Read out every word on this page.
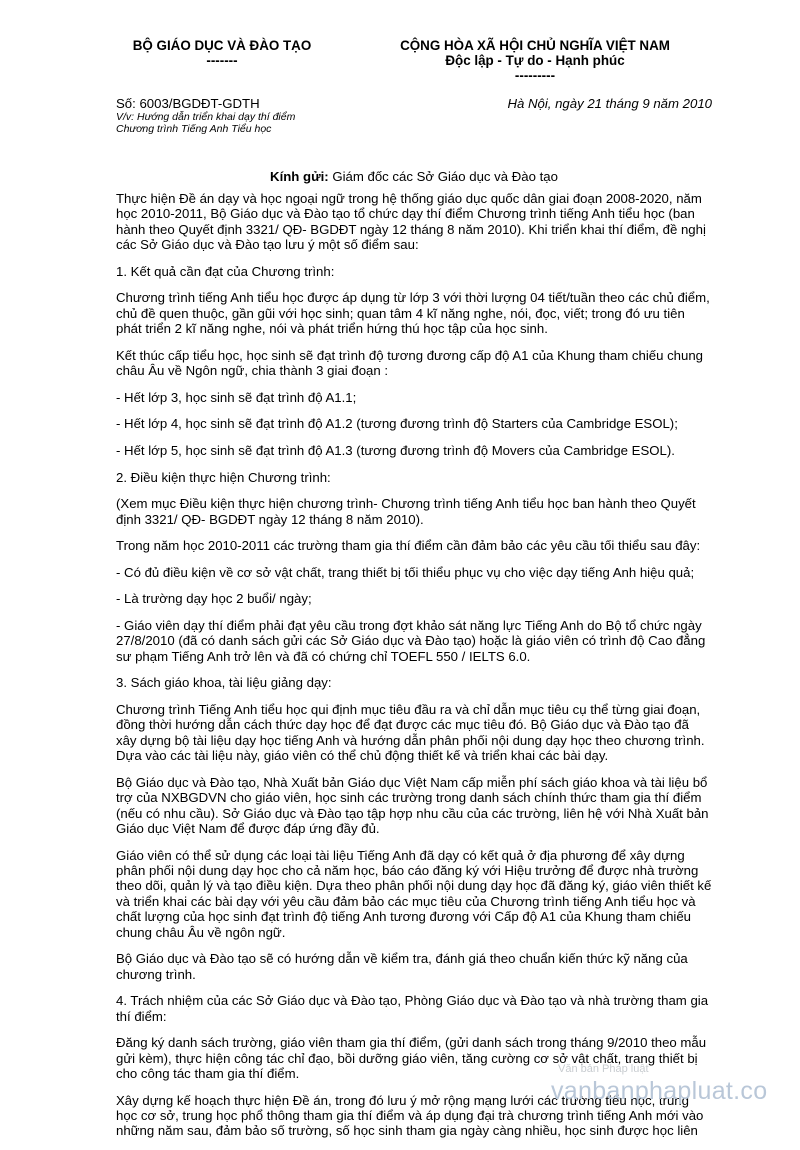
BỘ GIÁO DỤC VÀ ĐÀO TẠO
-------
CỘNG HÒA XÃ HỘI CHỦ NGHĨA VIỆT NAM
Độc lập - Tự do - Hạnh phúc
---------
Số: 6003/BGDĐT-GDTH
V/v: Hướng dẫn triển khai dạy thí điểm
Chương trình Tiếng Anh Tiểu học
Hà Nội, ngày 21 tháng 9 năm 2010
Kính gửi: Giám đốc các Sở Giáo dục và Đào tạo

Thực hiện Đề án dạy và học ngoại ngữ trong hệ thống giáo dục quốc dân giai đoạn 2008-2020, năm học 2010-2011, Bộ Giáo dục và Đào tạo tổ chức dạy thí điểm Chương trình tiếng Anh tiểu học (ban hành theo Quyết định 3321/ QĐ- BGDĐT ngày 12 tháng 8 năm 2010). Khi triển khai thí điểm, đề nghị các Sở Giáo dục và Đào tạo lưu ý một số điểm sau:

1. Kết quả cần đạt của Chương trình:

Chương trình tiếng Anh tiểu học được áp dụng từ lớp 3 với thời lượng 04 tiết/tuần theo các chủ điểm, chủ đề quen thuộc, gần gũi với học sinh; quan tâm 4 kĩ năng nghe, nói, đọc, viết; trong đó ưu tiên phát triển 2 kĩ năng nghe, nói và phát triển hứng thú học tập của học sinh.

Kết thúc cấp tiểu học, học sinh sẽ đạt trình độ tương đương cấp độ A1 của Khung tham chiếu chung châu Âu về Ngôn ngữ, chia thành 3 giai đoạn :

- Hết lớp 3, học sinh sẽ đạt trình độ A1.1;

- Hết lớp 4, học sinh sẽ đạt trình độ A1.2 (tương đương trình độ Starters của Cambridge ESOL);

- Hết lớp 5, học sinh sẽ đạt trình độ A1.3 (tương đương trình độ Movers của Cambridge ESOL).

2. Điều kiện thực hiện Chương trình:

(Xem mục Điều kiện thực hiện chương trình- Chương trình tiếng Anh tiểu học ban hành theo Quyết định 3321/ QĐ- BGDĐT ngày 12 tháng 8 năm 2010).

Trong năm học 2010-2011 các trường tham gia thí điểm cần đảm bảo các yêu cầu tối thiểu sau đây:

- Có đủ điều kiện về cơ sở vật chất, trang thiết bị tối thiểu phục vụ cho việc dạy tiếng Anh hiệu quả;

- Là trường dạy học 2 buổi/ ngày;

- Giáo viên dạy thí điểm phải đạt yêu cầu trong đợt khảo sát năng lực Tiếng Anh do Bộ tổ chức ngày 27/8/2010 (đã có danh sách gửi các Sở Giáo dục và Đào tạo) hoặc là giáo viên có trình độ Cao đẳng sư phạm Tiếng Anh trở lên và đã có chứng chỉ TOEFL 550 / IELTS 6.0.

3. Sách giáo khoa, tài liệu giảng dạy:

Chương trình Tiếng Anh tiểu học qui định mục tiêu đầu ra và chỉ dẫn mục tiêu cụ thể từng giai đoạn, đồng thời hướng dẫn cách thức dạy học để đạt được các mục tiêu đó. Bộ Giáo dục và Đào tạo đã xây dựng bộ tài liệu dạy học tiếng Anh và hướng dẫn phân phối nội dung dạy học theo chương trình. Dựa vào các tài liệu này, giáo viên có thể chủ động thiết kế và triển khai các bài dạy.

Bộ Giáo dục và Đào tạo, Nhà Xuất bản Giáo dục Việt Nam cấp miễn phí sách giáo khoa và tài liệu bổ trợ của NXBGDVN cho giáo viên, học sinh các trường trong danh sách chính thức tham gia thí điểm (nếu có nhu cầu). Sở Giáo dục và Đào tạo tập hợp nhu cầu của các trường, liên hệ với Nhà Xuất bản Giáo dục Việt Nam để được đáp ứng đầy đủ.

Giáo viên có thể sử dụng các loại tài liệu Tiếng Anh đã dạy có kết quả ở địa phương để xây dựng phân phối nội dung dạy học cho cả năm học, báo cáo đăng ký với Hiệu trưởng để được nhà trường theo dõi, quản lý và tạo điều kiện. Dựa theo phân phối nội dung dạy học đã đăng ký, giáo viên thiết kế và triển khai các bài dạy với yêu cầu đảm bảo các mục tiêu của Chương trình tiếng Anh tiểu học và chất lượng của học sinh đạt trình độ tiếng Anh tương đương với Cấp độ A1 của Khung tham chiếu chung châu Âu về ngôn ngữ.

Bộ Giáo dục và Đào tạo sẽ có hướng dẫn về kiểm tra, đánh giá theo chuẩn kiến thức kỹ năng của chương trình.

4. Trách nhiệm của các Sở Giáo dục và Đào tạo, Phòng Giáo dục và Đào tạo và nhà trường tham gia thí điểm:

Đăng ký danh sách trường, giáo viên tham gia thí điểm, (gửi danh sách trong tháng 9/2010 theo mẫu gửi kèm), thực hiện công tác chỉ đạo, bồi dưỡng giáo viên, tăng cường cơ sở vật chất, trang thiết bị cho công tác tham gia thí điểm.

Xây dựng kế hoạch thực hiện Đề án, trong đó lưu ý mở rộng mạng lưới các trường tiểu học, trung học cơ sở, trung học phổ thông tham gia thí điểm và áp dụng đại trà chương trình tiếng Anh mới vào những năm sau, đảm bảo số trường, số học sinh tham gia ngày càng nhiều, học sinh được học liên

Văn bản Pháp luật
vanbanphapluat.co
